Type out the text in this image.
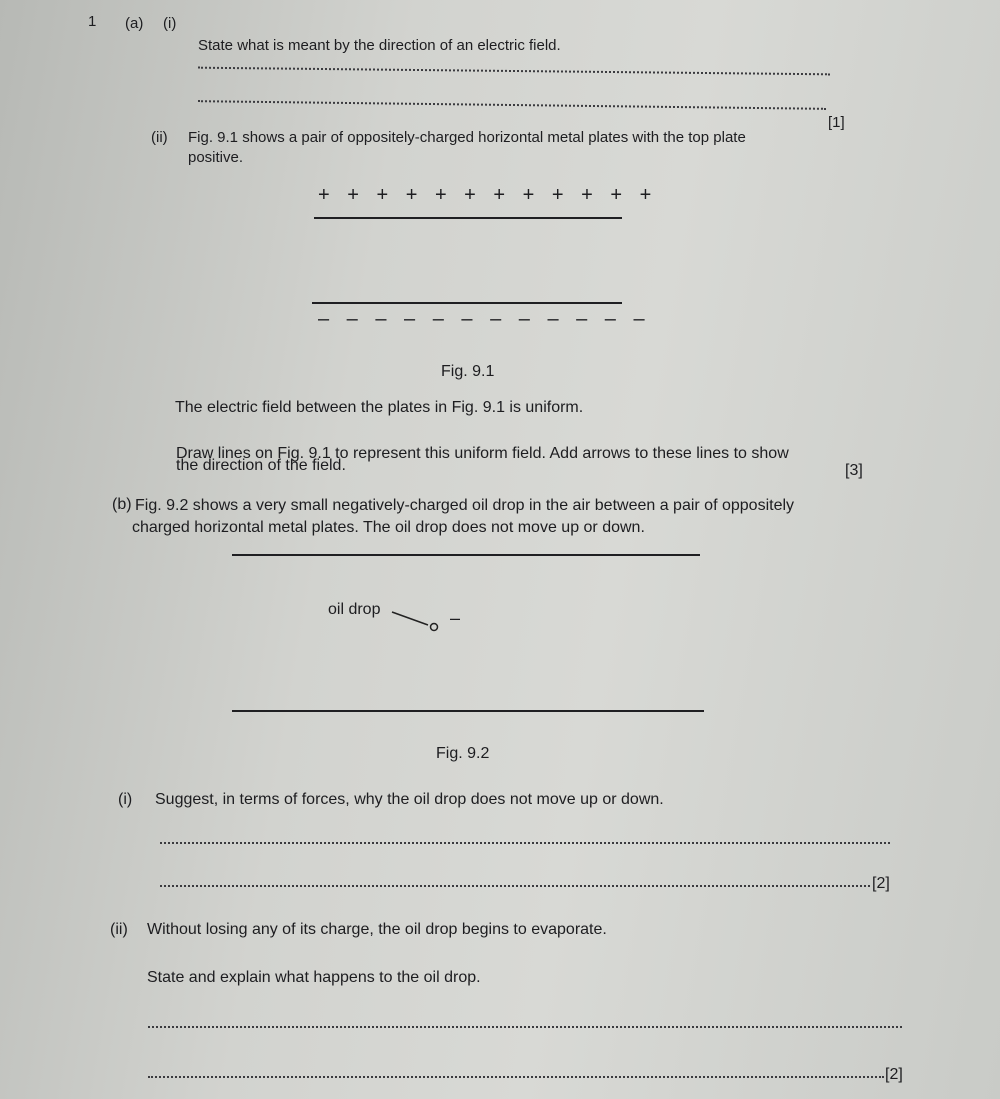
1 (a) (i)
State what is meant by the direction of an electric field.
[1]
(ii) Fig. 9.1 shows a pair of oppositely-charged horizontal metal plates with the top plate
positive.
+ + + + + + + + + + + +
– – – – – – – – – – – –
Fig. 9.1
The electric field between the plates in Fig. 9.1 is uniform.
Draw lines on Fig. 9.1 to represent this uniform field. Add arrows to these lines to show
the direction of the field.	[3]
(b) Fig. 9.2 shows a very small negatively-charged oil drop in the air between a pair of oppositely
charged horizontal metal plates. The oil drop does not move up or down.
oil drop	–
Fig. 9.2
(i) Suggest, in terms of forces, why the oil drop does not move up or down.
[2]
(ii) Without losing any of its charge, the oil drop begins to evaporate.
State and explain what happens to the oil drop.
[2]
